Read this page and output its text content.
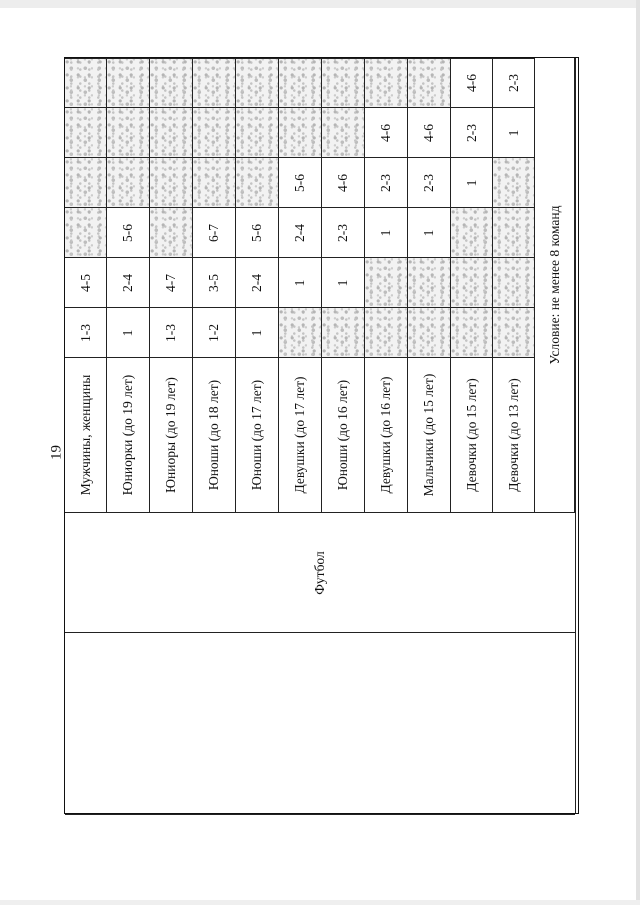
19
Футбол
Мужчины, женщины
1-3
4-5
Юниорки (до 19 лет)
1
2-4
5-6
Юниоры (до 19 лет)
1-3
4-7
Юноши (до 18 лет)
1-2
3-5
6-7
Юноши (до 17 лет)
1
2-4
5-6
Девушки (до 17 лет)
1
2-4
5-6
Юноши (до 16 лет)
1
2-3
4-6
Девушки (до 16 лет)
1
2-3
4-6
Мальчики (до 15 лет)
1
2-3
4-6
Девочки (до 15 лет)
1
2-3
4-6
Девочки (до 13 лет)
1
2-3
Условие: не менее 8 команд
